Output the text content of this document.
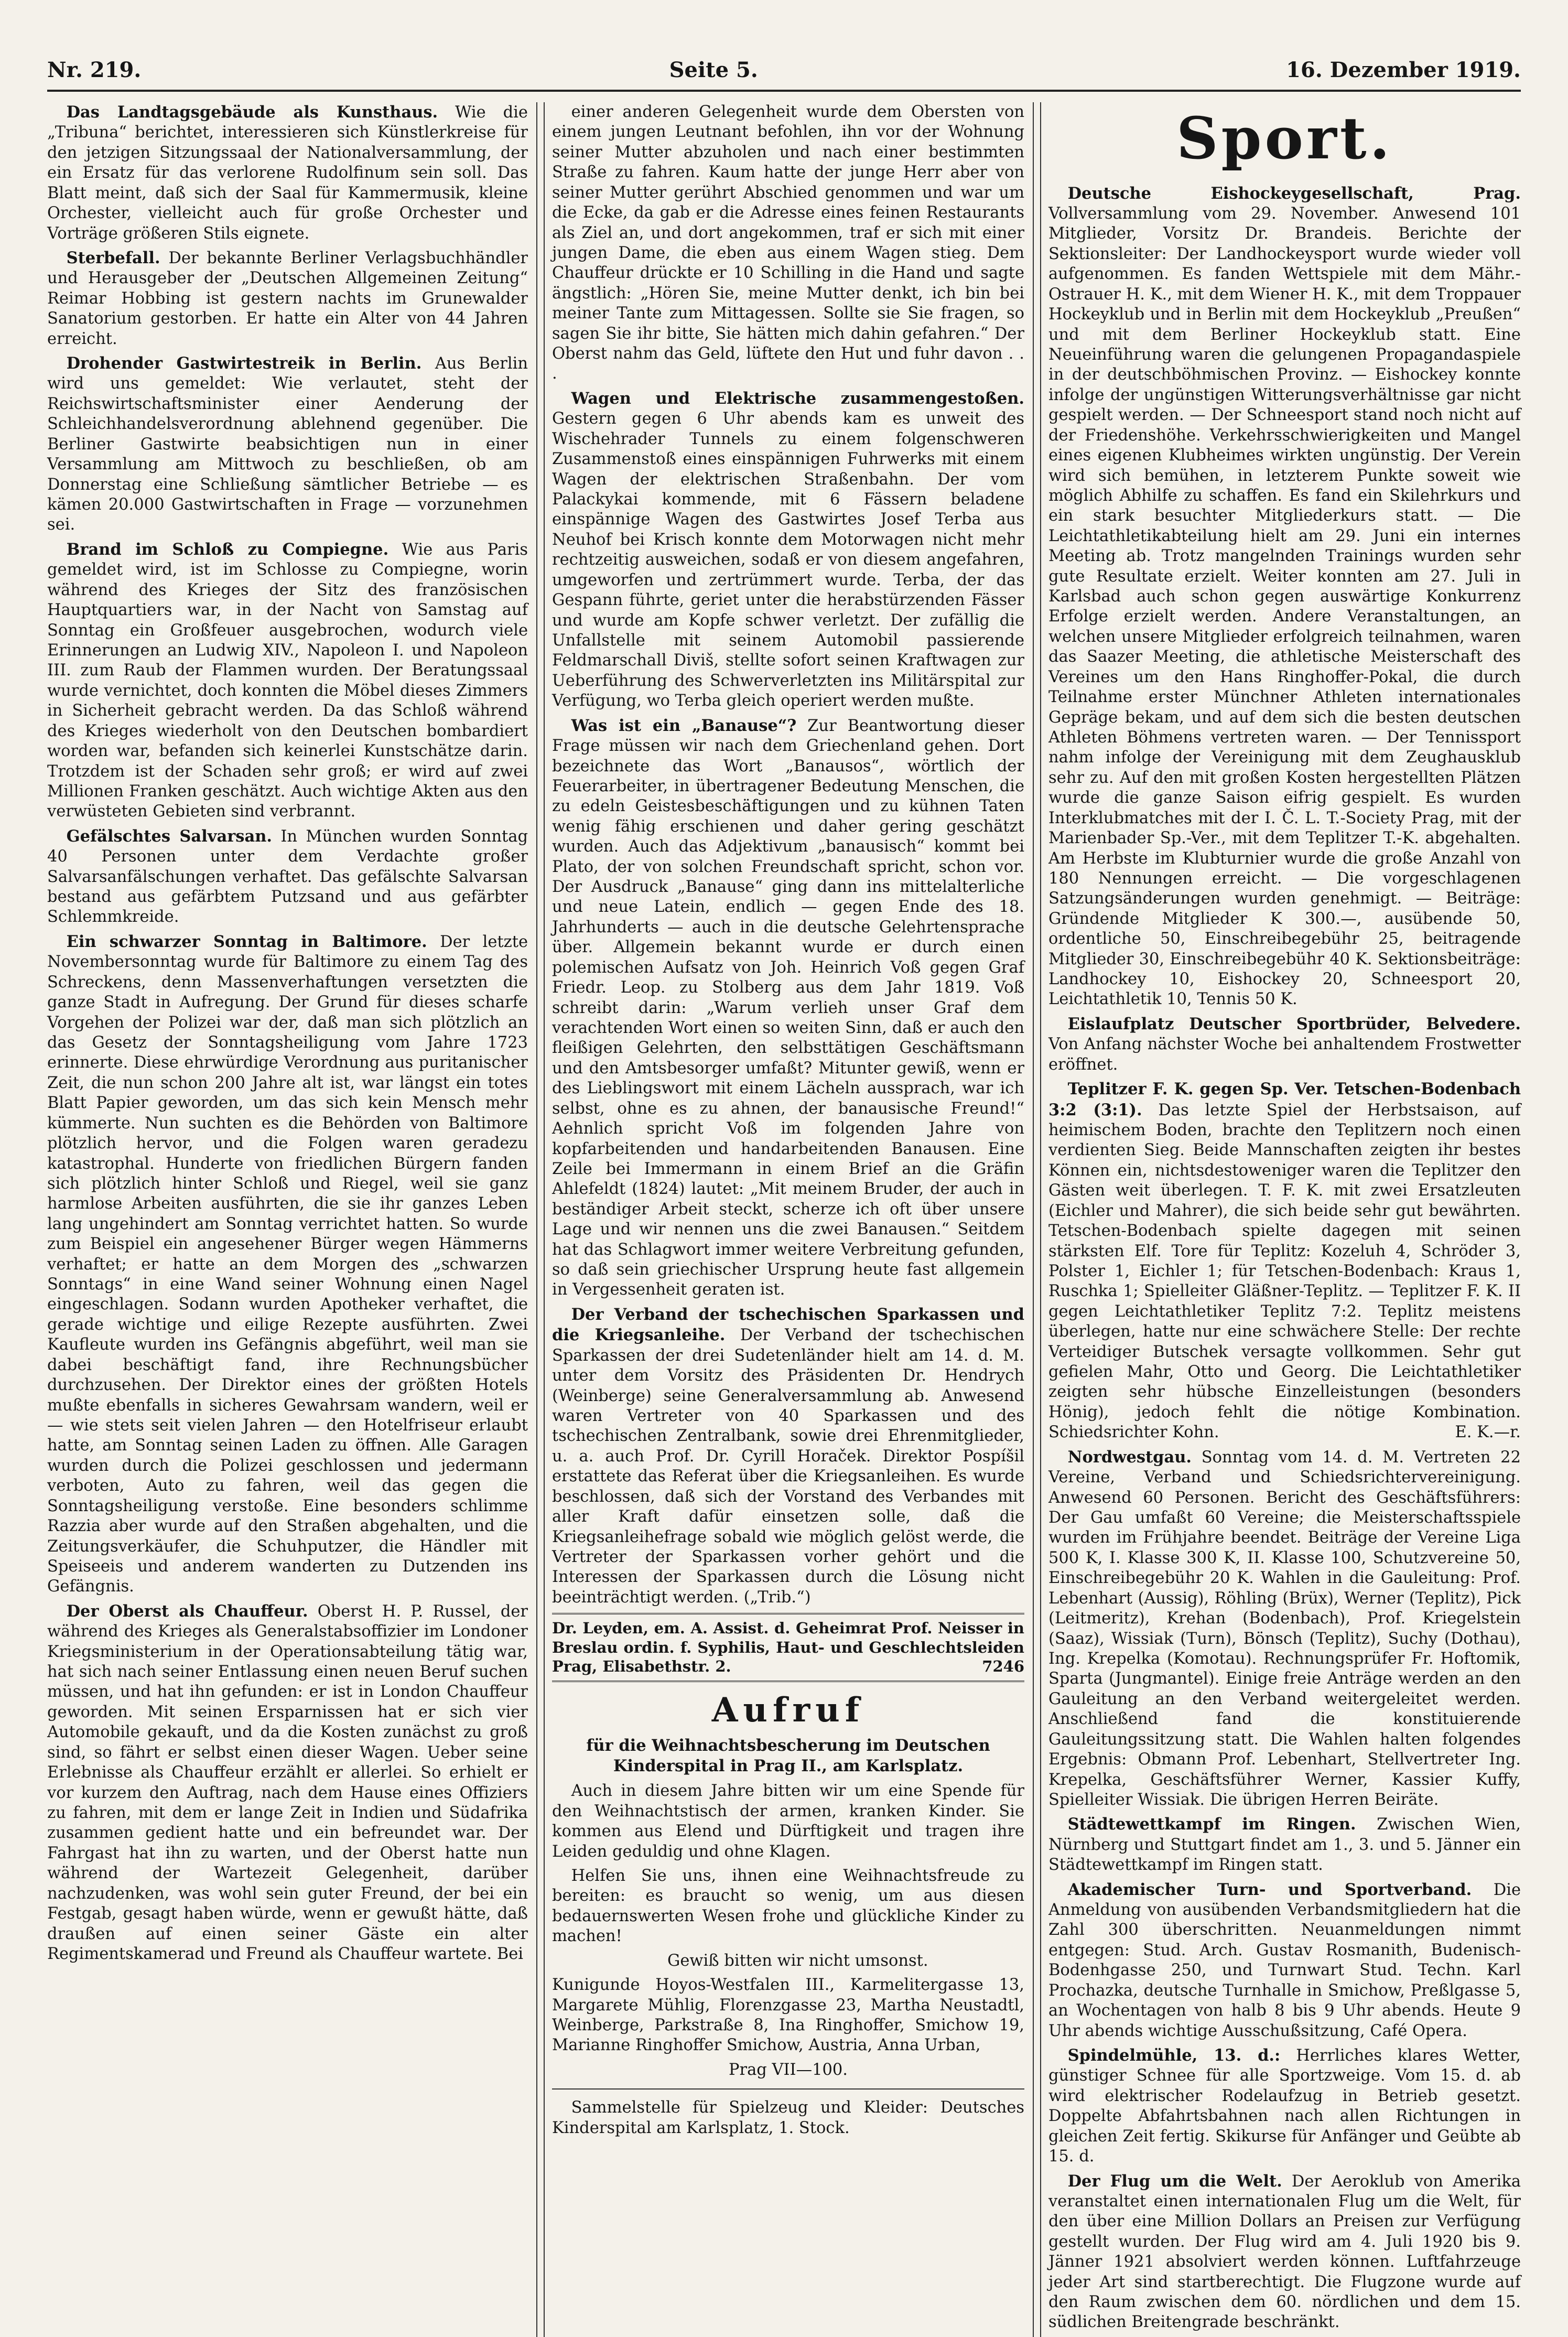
Nr. 219.	Seite 5.	16. Dezember 1919.

Das Landtagsgebäude als Kunsthaus. Wie die „Tribuna“ berichtet, interessieren sich Künstlerkreise für den jetzigen Sitzungssaal der Nationalversammlung, der ein Ersatz für das verlorene Rudolfinum sein soll. Das Blatt meint, daß sich der Saal für Kammermusik, kleine Orchester, vielleicht auch für große Orchester und Vorträge größeren Stils eignete.

Sterbefall. Der bekannte Berliner Verlagsbuchhändler und Herausgeber der „Deutschen Allgemeinen Zeitung“ Reimar Hobbing ist gestern nachts im Grunewalder Sanatorium gestorben. Er hatte ein Alter von 44 Jahren erreicht.

Drohender Gastwirtestreik in Berlin. Aus Berlin wird uns gemeldet: Wie verlautet, steht der Reichswirtschaftsminister einer Aenderung der Schleichhandelsverordnung ablehnend gegenüber. Die Berliner Gastwirte beabsichtigen nun in einer Versammlung am Mittwoch zu beschließen, ob am Donnerstag eine Schließung sämtlicher Betriebe — es kämen 20.000 Gastwirtschaften in Frage — vorzunehmen sei.

Brand im Schloß zu Compiegne. Wie aus Paris gemeldet wird, ist im Schlosse zu Compiegne, worin während des Krieges der Sitz des französischen Hauptquartiers war, in der Nacht von Samstag auf Sonntag ein Großfeuer ausgebrochen, wodurch viele Erinnerungen an Ludwig XIV., Napoleon I. und Napoleon III. zum Raub der Flammen wurden. Der Beratungssaal wurde vernichtet, doch konnten die Möbel dieses Zimmers in Sicherheit gebracht werden. Da das Schloß während des Krieges wiederholt von den Deutschen bombardiert worden war, befanden sich keinerlei Kunstschätze darin. Trotzdem ist der Schaden sehr groß; er wird auf zwei Millionen Franken geschätzt. Auch wichtige Akten aus den verwüsteten Gebieten sind verbrannt.

Gefälschtes Salvarsan. In München wurden Sonntag 40 Personen unter dem Verdachte großer Salvarsanfälschungen verhaftet. Das gefälschte Salvarsan bestand aus gefärbtem Putzsand und aus gefärbter Schlemmkreide.

Ein schwarzer Sonntag in Baltimore. Der letzte Novembersonntag wurde für Baltimore zu einem Tag des Schreckens, denn Massenverhaftungen versetzten die ganze Stadt in Aufregung. Der Grund für dieses scharfe Vorgehen der Polizei war der, daß man sich plötzlich an das Gesetz der Sonntagsheiligung vom Jahre 1723 erinnerte. Diese ehrwürdige Verordnung aus puritanischer Zeit, die nun schon 200 Jahre alt ist, war längst ein totes Blatt Papier geworden, um das sich kein Mensch mehr kümmerte. Nun suchten es die Behörden von Baltimore plötzlich hervor, und die Folgen waren geradezu katastrophal. Hunderte von friedlichen Bürgern fanden sich plötzlich hinter Schloß und Riegel, weil sie ganz harmlose Arbeiten ausführten, die sie ihr ganzes Leben lang ungehindert am Sonntag verrichtet hatten. So wurde zum Beispiel ein angesehener Bürger wegen Hämmerns verhaftet; er hatte an dem Morgen des „schwarzen Sonntags“ in eine Wand seiner Wohnung einen Nagel eingeschlagen. Sodann wurden Apotheker verhaftet, die gerade wichtige und eilige Rezepte ausführten. Zwei Kaufleute wurden ins Gefängnis abgeführt, weil man sie dabei beschäftigt fand, ihre Rechnungsbücher durchzusehen. Der Direktor eines der größten Hotels mußte ebenfalls in sicheres Gewahrsam wandern, weil er — wie stets seit vielen Jahren — den Hotelfriseur erlaubt hatte, am Sonntag seinen Laden zu öffnen. Alle Garagen wurden durch die Polizei geschlossen und jedermann verboten, Auto zu fahren, weil das gegen die Sonntagsheiligung verstoße. Eine besonders schlimme Razzia aber wurde auf den Straßen abgehalten, und die Zeitungsverkäufer, die Schuhputzer, die Händler mit Speiseeis und anderem wanderten zu Dutzenden ins Gefängnis.

Der Oberst als Chauffeur. Oberst H. P. Russel, der während des Krieges als Generalstabsoffizier im Londoner Kriegsministerium in der Operationsabteilung tätig war, hat sich nach seiner Entlassung einen neuen Beruf suchen müssen, und hat ihn gefunden: er ist in London Chauffeur geworden. Mit seinen Ersparnissen hat er sich vier Automobile gekauft, und da die Kosten zunächst zu groß sind, so fährt er selbst einen dieser Wagen. Ueber seine Erlebnisse als Chauffeur erzählt er allerlei. So erhielt er vor kurzem den Auftrag, nach dem Hause eines Offiziers zu fahren, mit dem er lange Zeit in Indien und Südafrika zusammen gedient hatte und ein befreundet war. Der Fahrgast hat ihn zu warten, und der Oberst hatte nun während der Wartezeit Gelegenheit, darüber nachzudenken, was wohl sein guter Freund, der bei ein Festgab, gesagt haben würde, wenn er gewußt hätte, daß draußen auf einen seiner Gäste ein alter Regimentskamerad und Freund als Chauffeur wartete. Bei

einer anderen Gelegenheit wurde dem Obersten von einem jungen Leutnant befohlen, ihn vor der Wohnung seiner Mutter abzuholen und nach einer bestimmten Straße zu fahren. Kaum hatte der junge Herr aber von seiner Mutter gerührt Abschied genommen und war um die Ecke, da gab er die Adresse eines feinen Restaurants als Ziel an, und dort angekommen, traf er sich mit einer jungen Dame, die eben aus einem Wagen stieg. Dem Chauffeur drückte er 10 Schilling in die Hand und sagte ängstlich: „Hören Sie, meine Mutter denkt, ich bin bei meiner Tante zum Mittagessen. Sollte sie Sie fragen, so sagen Sie ihr bitte, Sie hätten mich dahin gefahren.“ Der Oberst nahm das Geld, lüftete den Hut und fuhr davon . . .

Wagen und Elektrische zusammengestoßen. Gestern gegen 6 Uhr abends kam es unweit des Wischehrader Tunnels zu einem folgenschweren Zusammenstoß eines einspännigen Fuhrwerks mit einem Wagen der elektrischen Straßenbahn. Der vom Palackykai kommende, mit 6 Fässern beladene einspännige Wagen des Gastwirtes Josef Terba aus Neuhof bei Krisch konnte dem Motorwagen nicht mehr rechtzeitig ausweichen, sodaß er von diesem angefahren, umgeworfen und zertrümmert wurde. Terba, der das Gespann führte, geriet unter die herabstürzenden Fässer und wurde am Kopfe schwer verletzt. Der zufällig die Unfallstelle mit seinem Automobil passierende Feldmarschall Diviš, stellte sofort seinen Kraftwagen zur Ueberführung des Schwerverletzten ins Militärspital zur Verfügung, wo Terba gleich operiert werden mußte.

Was ist ein „Banause“? Zur Beantwortung dieser Frage müssen wir nach dem Griechenland gehen. Dort bezeichnete das Wort „Banausos“, wörtlich der Feuerarbeiter, in übertragener Bedeutung Menschen, die zu edeln Geistesbeschäftigungen und zu kühnen Taten wenig fähig erschienen und daher gering geschätzt wurden. Auch das Adjektivum „banausisch“ kommt bei Plato, der von solchen Freundschaft spricht, schon vor. Der Ausdruck „Banause“ ging dann ins mittelalterliche und neue Latein, endlich — gegen Ende des 18. Jahrhunderts — auch in die deutsche Gelehrtensprache über. Allgemein bekannt wurde er durch einen polemischen Aufsatz von Joh. Heinrich Voß gegen Graf Friedr. Leop. zu Stolberg aus dem Jahr 1819. Voß schreibt darin: „Warum verlieh unser Graf dem verachtenden Wort einen so weiten Sinn, daß er auch den fleißigen Gelehrten, den selbsttätigen Geschäftsmann und den Amtsbesorger umfaßt? Mitunter gewiß, wenn er des Lieblingswort mit einem Lächeln aussprach, war ich selbst, ohne es zu ahnen, der banausische Freund!“ Aehnlich spricht Voß im folgenden Jahre von kopfarbeitenden und handarbeitenden Banausen. Eine Zeile bei Immermann in einem Brief an die Gräfin Ahlefeldt (1824) lautet: „Mit meinem Bruder, der auch in beständiger Arbeit steckt, scherze ich oft über unsere Lage und wir nennen uns die zwei Banausen.“ Seitdem hat das Schlagwort immer weitere Verbreitung gefunden, so daß sein griechischer Ursprung heute fast allgemein in Vergessenheit geraten ist.

Der Verband der tschechischen Sparkassen und die Kriegsanleihe. Der Verband der tschechischen Sparkassen der drei Sudetenländer hielt am 14. d. M. unter dem Vorsitz des Präsidenten Dr. Hendrych (Weinberge) seine Generalversammlung ab. Anwesend waren Vertreter von 40 Sparkassen und des tschechischen Zentralbank, sowie drei Ehrenmitglieder, u. a. auch Prof. Dr. Cyrill Horaček. Direktor Pospíšil erstattete das Referat über die Kriegsanleihen. Es wurde beschlossen, daß sich der Vorstand des Verbandes mit aller Kraft dafür einsetzen solle, daß die Kriegsanleihefrage sobald wie möglich gelöst werde, die Vertreter der Sparkassen vorher gehört und die Interessen der Sparkassen durch die Lösung nicht beeinträchtigt werden. („Trib.“)

Dr. Leyden, em. A. Assist. d. Geheimrat Prof. Neisser in Breslau ordin. f. Syphilis, Haut- und Geschlechtsleiden Prag, Elisabethstr. 2.	7246
Aufruf
für die Weihnachtsbescherung im Deutschen Kinderspital in Prag II., am Karlsplatz.

Auch in diesem Jahre bitten wir um eine Spende für den Weihnachtstisch der armen, kranken Kinder. Sie kommen aus Elend und Dürftigkeit und tragen ihre Leiden geduldig und ohne Klagen.

Helfen Sie uns, ihnen eine Weihnachtsfreude zu bereiten: es braucht so wenig, um aus diesen bedauernswerten Wesen frohe und glückliche Kinder zu machen!

Gewiß bitten wir nicht umsonst.

Kunigunde Hoyos-Westfalen III., Karmelitergasse 13, Margarete Mühlig, Florenzgasse 23, Martha Neustadtl, Weinberge, Parkstraße 8, Ina Ringhoffer, Smichow 19, Marianne Ringhoffer Smichow, Austria, Anna Urban,
Prag VII—100.

Sammelstelle für Spielzeug und Kleider: Deutsches Kinderspital am Karlsplatz, 1. Stock.

Sport.

Deutsche Eishockeygesellschaft, Prag. Vollversammlung vom 29. November. Anwesend 101 Mitglieder, Vorsitz Dr. Brandeis. Berichte der Sektionsleiter: Der Landhockeysport wurde wieder voll aufgenommen. Es fanden Wettspiele mit dem Mähr.-Ostrauer H. K., mit dem Wiener H. K., mit dem Troppauer Hockeyklub und in Berlin mit dem Hockeyklub „Preußen“ und mit dem Berliner Hockeyklub statt. Eine Neueinführung waren die gelungenen Propagandaspiele in der deutschböhmischen Provinz. — Eishockey konnte infolge der ungünstigen Witterungsverhältnisse gar nicht gespielt werden. — Der Schneesport stand noch nicht auf der Friedenshöhe. Verkehrsschwierigkeiten und Mangel eines eigenen Klubheimes wirkten ungünstig. Der Verein wird sich bemühen, in letzterem Punkte soweit wie möglich Abhilfe zu schaffen. Es fand ein Skilehrkurs und ein stark besuchter Mitgliederkurs statt. — Die Leichtathletikabteilung hielt am 29. Juni ein internes Meeting ab. Trotz mangelnden Trainings wurden sehr gute Resultate erzielt. Weiter konnten am 27. Juli in Karlsbad auch schon gegen auswärtige Konkurrenz Erfolge erzielt werden. Andere Veranstaltungen, an welchen unsere Mitglieder erfolgreich teilnahmen, waren das Saazer Meeting, die athletische Meisterschaft des Vereines um den Hans Ringhoffer-Pokal, die durch Teilnahme erster Münchner Athleten internationales Gepräge bekam, und auf dem sich die besten deutschen Athleten Böhmens vertreten waren. — Der Tennissport nahm infolge der Vereinigung mit dem Zeughausklub sehr zu. Auf den mit großen Kosten hergestellten Plätzen wurde die ganze Saison eifrig gespielt. Es wurden Interklubmatches mit der I. Č. L. T.-Society Prag, mit der Marienbader Sp.-Ver., mit dem Teplitzer T.-K. abgehalten. Am Herbste im Klubturnier wurde die große Anzahl von 180 Nennungen erreicht. — Die vorgeschlagenen Satzungsänderungen wurden genehmigt. — Beiträge: Gründende Mitglieder K 300.—, ausübende 50, ordentliche 50, Einschreibegebühr 25, beitragende Mitglieder 30, Einschreibegebühr 40 K. Sektionsbeiträge: Landhockey 10, Eishockey 20, Schneesport 20, Leichtathletik 10, Tennis 50 K.

Eislaufplatz Deutscher Sportbrüder, Belvedere. Von Anfang nächster Woche bei anhaltendem Frostwetter eröffnet.

Teplitzer F. K. gegen Sp. Ver. Tetschen-Bodenbach 3:2 (3:1). Das letzte Spiel der Herbstsaison, auf heimischem Boden, brachte den Teplitzern noch einen verdienten Sieg. Beide Mannschaften zeigten ihr bestes Können ein, nichtsdestoweniger waren die Teplitzer den Gästen weit überlegen. T. F. K. mit zwei Ersatzleuten (Eichler und Mahrer), die sich beide sehr gut bewährten. Tetschen-Bodenbach spielte dagegen mit seinen stärksten Elf. Tore für Teplitz: Kozeluh 4, Schröder 3, Polster 1, Eichler 1; für Tetschen-Bodenbach: Kraus 1, Ruschka 1; Spielleiter Gläßner-Teplitz. — Teplitzer F. K. II gegen Leichtathletiker Teplitz 7:2. Teplitz meistens überlegen, hatte nur eine schwächere Stelle: Der rechte Verteidiger Butschek versagte vollkommen. Sehr gut gefielen Mahr, Otto und Georg. Die Leichtathletiker zeigten sehr hübsche Einzelleistungen (besonders Hönig), jedoch fehlt die nötige Kombination. Schiedsrichter Kohn.	E. K.—r.

Nordwestgau. Sonntag vom 14. d. M. Vertreten 22 Vereine, Verband und Schiedsrichtervereinigung. Anwesend 60 Personen. Bericht des Geschäftsführers: Der Gau umfaßt 60 Vereine; die Meisterschaftsspiele wurden im Frühjahre beendet. Beiträge der Vereine Liga 500 K, I. Klasse 300 K, II. Klasse 100, Schutzvereine 50, Einschreibegebühr 20 K. Wahlen in die Gauleitung: Prof. Lebenhart (Aussig), Röhling (Brüx), Werner (Teplitz), Pick (Leitmeritz), Krehan (Bodenbach), Prof. Kriegelstein (Saaz), Wissiak (Turn), Bönsch (Teplitz), Suchy (Dothau), Ing. Krepelka (Komotau). Rechnungsprüfer Fr. Hoftomik, Sparta (Jungmantel). Einige freie Anträge werden an den Gauleitung an den Verband weitergeleitet werden. Anschließend fand die konstituierende Gauleitungssitzung statt. Die Wahlen halten folgendes Ergebnis: Obmann Prof. Lebenhart, Stellvertreter Ing. Krepelka, Geschäftsführer Werner, Kassier Kuffy, Spielleiter Wissiak. Die übrigen Herren Beiräte.

Städtewettkampf im Ringen. Zwischen Wien, Nürnberg und Stuttgart findet am 1., 3. und 5. Jänner ein Städtewettkampf im Ringen statt.

Akademischer Turn- und Sportverband. Die Anmeldung von ausübenden Verbandsmitgliedern hat die Zahl 300 überschritten. Neuanmeldungen nimmt entgegen: Stud. Arch. Gustav Rosmanith, Budenisch-Bodenhgasse 250, und Turnwart Stud. Techn. Karl Prochazka, deutsche Turnhalle in Smichow, Preßlgasse 5, an Wochentagen von halb 8 bis 9 Uhr abends. Heute 9 Uhr abends wichtige Ausschußsitzung, Café Opera.

Spindelmühle, 13. d.: Herrliches klares Wetter, günstiger Schnee für alle Sportzweige. Vom 15. d. ab wird elektrischer Rodelaufzug in Betrieb gesetzt. Doppelte Abfahrtsbahnen nach allen Richtungen in gleichen Zeit fertig. Skikurse für Anfänger und Geübte ab 15. d.

Der Flug um die Welt. Der Aeroklub von Amerika veranstaltet einen internationalen Flug um die Welt, für den über eine Million Dollars an Preisen zur Verfügung gestellt wurden. Der Flug wird am 4. Juli 1920 bis 9. Jänner 1921 absolviert werden können. Luftfahrzeuge jeder Art sind startberechtigt. Die Flugzone wurde auf den Raum zwischen dem 60. nördlichen und dem 15. südlichen Breitengrade beschränkt.
